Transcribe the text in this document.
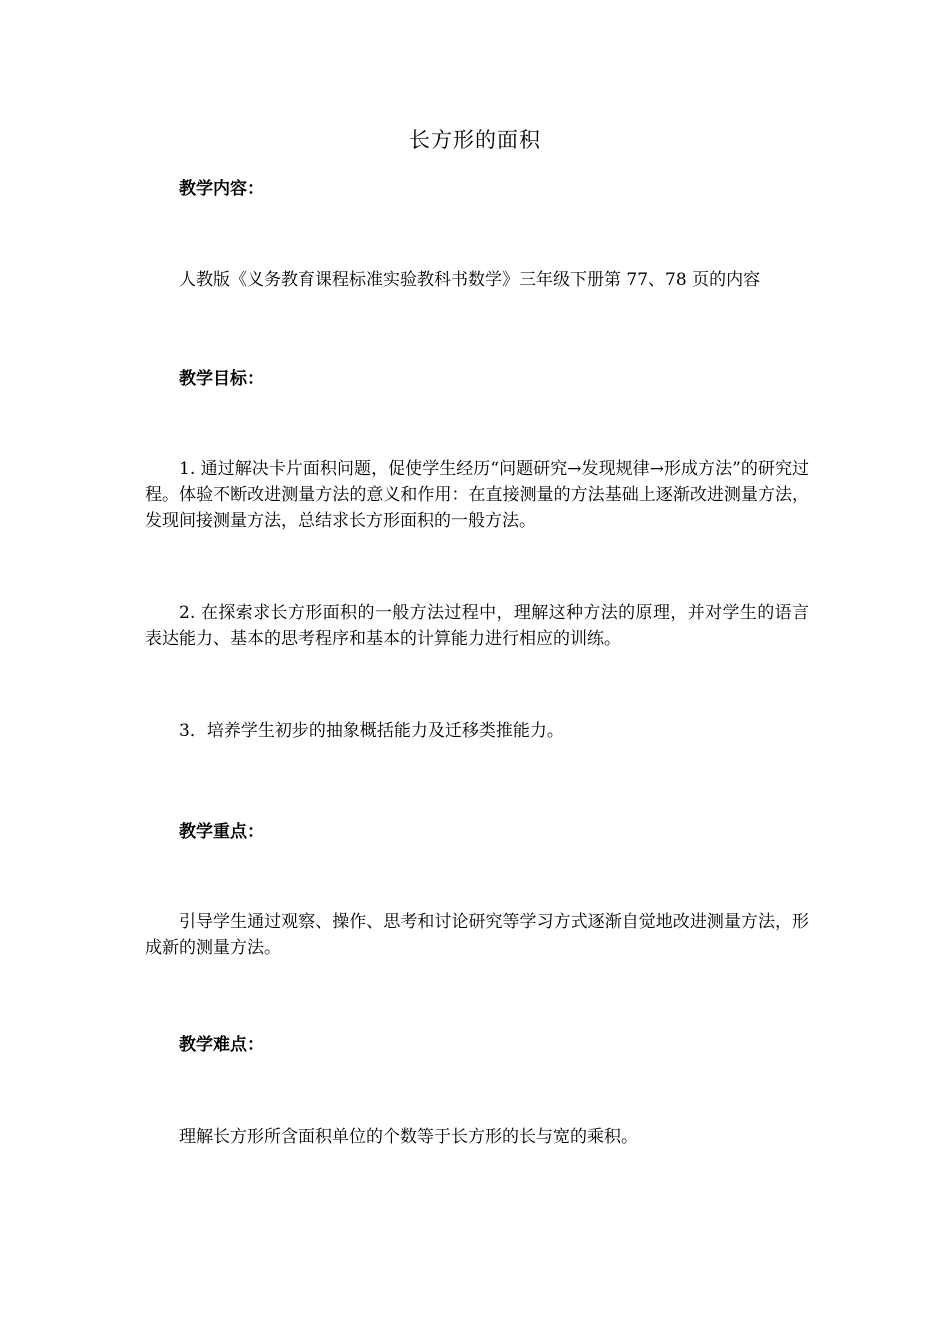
长方形的面积
教学内容：
人教版《义务教育课程标准实验教科书数学》三年级下册第 77、78 页的内容
教学目标：
1. 通过解决卡片面积问题，促使学生经历“问题研究→发现规律→形成方法”的研究过程。体验不断改进测量方法的意义和作用：在直接测量的方法基础上逐渐改进测量方法，发现间接测量方法，总结求长方形面积的一般方法。
2. 在探索求长方形面积的一般方法过程中，理解这种方法的原理，并对学生的语言表达能力、基本的思考程序和基本的计算能力进行相应的训练。
3．培养学生初步的抽象概括能力及迁移类推能力。
教学重点：
引导学生通过观察、操作、思考和讨论研究等学习方式逐渐自觉地改进测量方法，形成新的测量方法。
教学难点：
理解长方形所含面积单位的个数等于长方形的长与宽的乘积。
